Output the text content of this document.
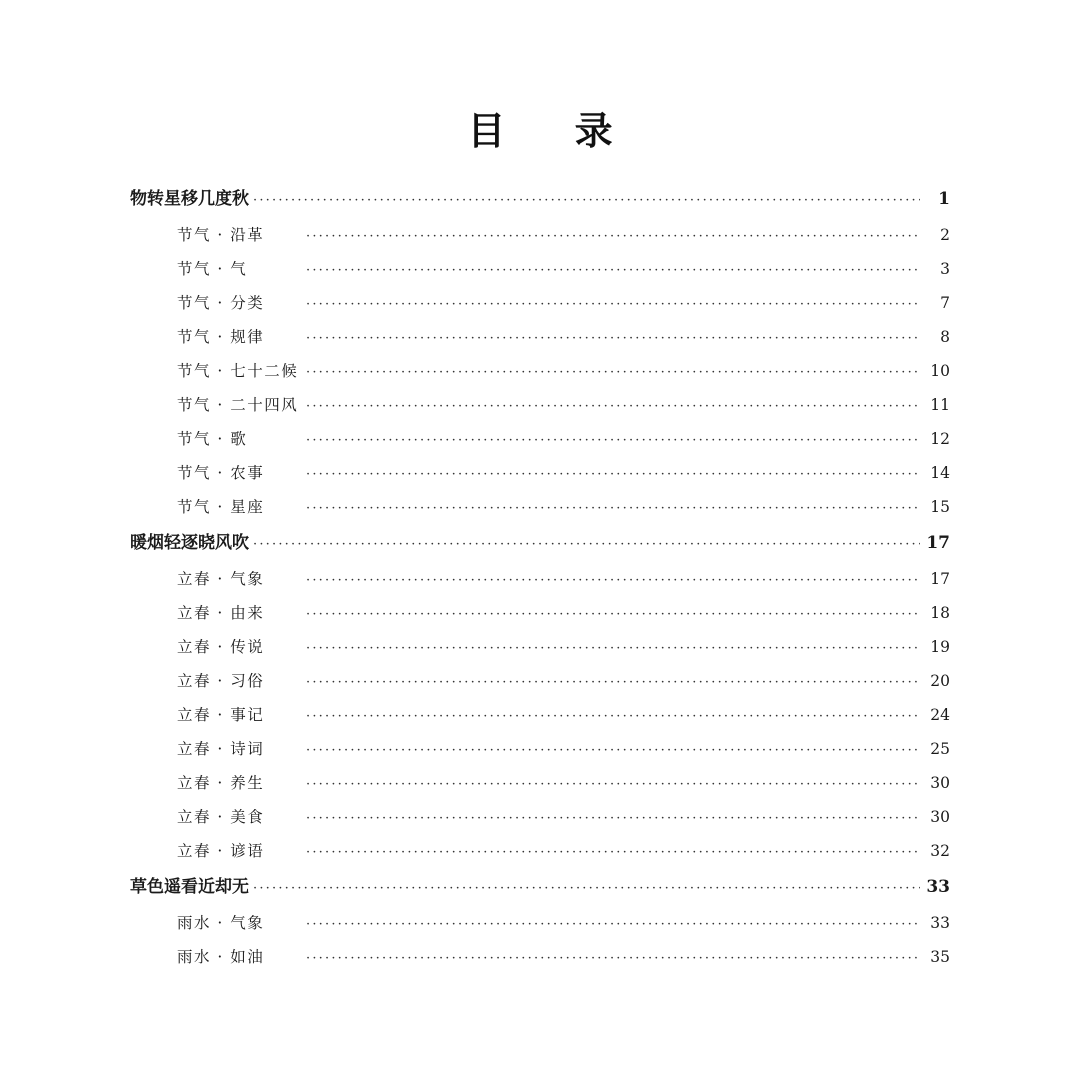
目 录
物转星移几度秋 ·····	1
节气 · 沿革 ·····	2
节气 · 气 ·····	3
节气 · 分类 ·····	7
节气 · 规律 ·····	8
节气 · 七十二候 ·····	10
节气 · 二十四风 ·····	11
节气 · 歌 ·····	12
节气 · 农事 ·····	14
节气 · 星座 ·····	15
暖烟轻逐晓风吹 ·····	17
立春 · 气象 ·····	17
立春 · 由来 ·····	18
立春 · 传说 ·····	19
立春 · 习俗 ·····	20
立春 · 事记 ·····	24
立春 · 诗词 ·····	25
立春 · 养生 ·····	30
立春 · 美食 ·····	30
立春 · 谚语 ·····	32
草色遥看近却无 ·····	33
雨水 · 气象 ·····	33
雨水 · 如油 ·····	35
